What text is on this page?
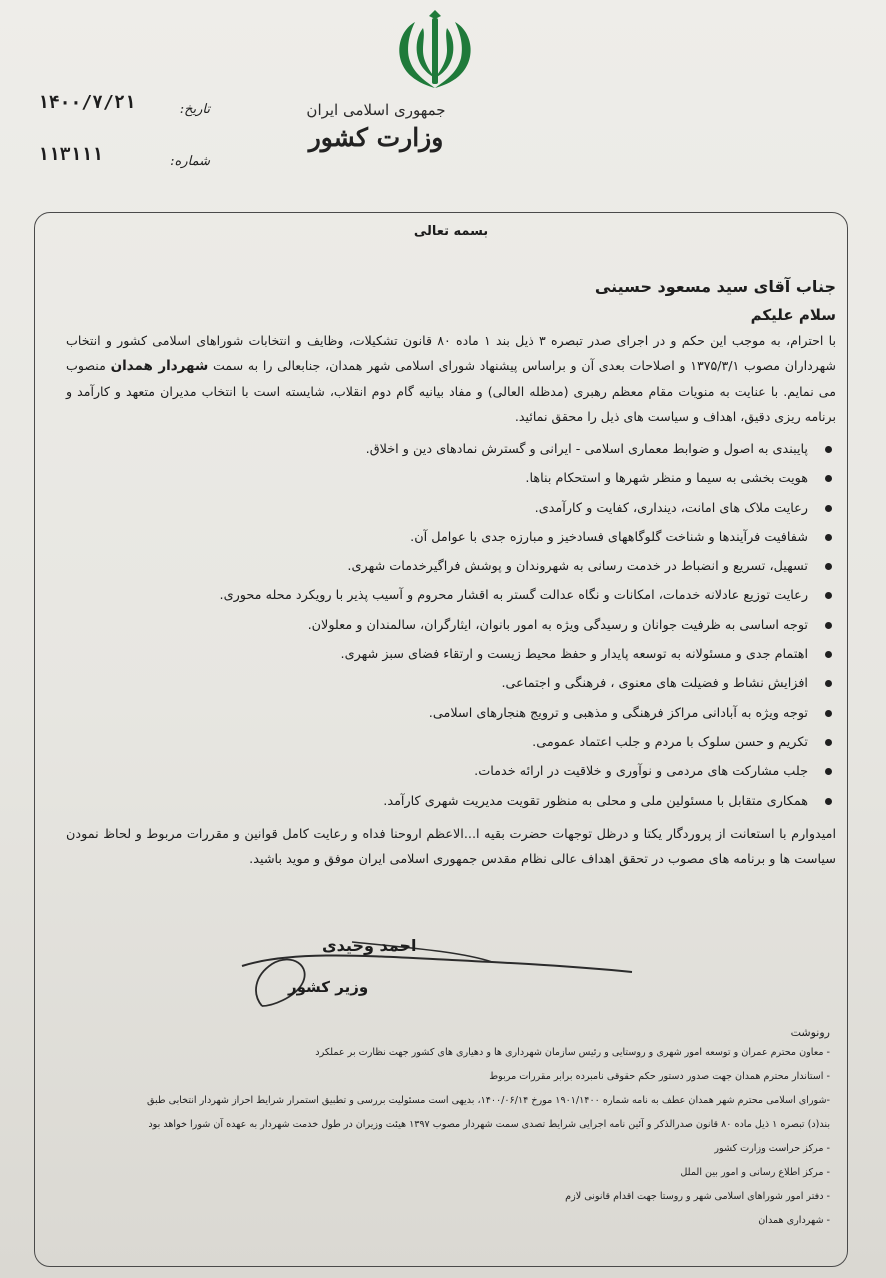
جمهوری اسلامی ایران
وزارت کشور
۱۴۰۰/۷/۲۱	تاریخ:
۱۱۳۱۱۱	شماره:
بسمه تعالی
جناب آقای سید مسعود حسینی
سلام علیکم

با احترام، به موجب این حکم و در اجرای صدر تبصره ۳ ذیل بند ۱ ماده ۸۰ قانون تشکیلات، وظایف و انتخابات شوراهای اسلامی کشور و انتخاب شهرداران مصوب ۱۳۷۵/۳/۱ و اصلاحات بعدی آن و براساس پیشنهاد شورای اسلامی شهر همدان، جنابعالی را به سمت شهردار همدان منصوب می نمایم. با عنایت به منویات مقام معظم رهبری (مدظله العالی) و مفاد بیانیه گام دوم انقلاب، شایسته است با انتخاب مدیران متعهد و کارآمد و برنامه ریزی دقیق، اهداف و سیاست های ذیل را محقق نمائید.

پایبندی به اصول و ضوابط معماری اسلامی - ایرانی و گسترش نمادهای دین و اخلاق.
هویت بخشی به سیما و منظر شهرها و استحکام بناها.
رعایت ملاک های امانت، دینداری، کفایت و کارآمدی.
شفافیت فرآیندها و شناخت گلوگاههای فسادخیز و مبارزه جدی با عوامل آن.
تسهیل، تسریع و انضباط در خدمت رسانی به شهروندان و پوشش فراگیرخدمات شهری.
رعایت توزیع عادلانه خدمات، امکانات و نگاه عدالت گستر به اقشار محروم و آسیب پذیر با رویکرد محله محوری.
توجه اساسی به ظرفیت جوانان و رسیدگی ویژه به امور بانوان، ایثارگران، سالمندان و معلولان.
اهتمام جدی و مسئولانه به توسعه پایدار و حفظ محیط زیست و ارتقاء فضای سبز شهری.
افزایش نشاط و فضیلت های معنوی ، فرهنگی و اجتماعی.
توجه ویژه به آبادانی مراکز فرهنگی و مذهبی و ترویج هنجارهای اسلامی.
تکریم و حسن سلوک با مردم و جلب اعتماد عمومی.
جلب مشارکت های مردمی و نوآوری و خلاقیت در ارائه خدمات.
همکاری متقابل با مسئولین ملی و محلی به منظور تقویت مدیریت شهری کارآمد.

امیدوارم با استعانت از پروردگار یکتا و درظل توجهات حضرت بقیه ا...الاعظم اروحنا فداه و رعایت کامل قوانین و مقررات مربوط و لحاظ نمودن سیاست ها و برنامه های مصوب در تحقق اهداف عالی نظام مقدس جمهوری اسلامی ایران موفق و موید باشید.

احمد وحیدی
وزیر کشور
رونوشت
- معاون محترم عمران و توسعه امور شهری و روستایی و رئیس سازمان شهرداری ها و دهیاری های کشور جهت نظارت بر عملکرد
- استاندار محترم همدان جهت صدور دستور حکم حقوقی نامبرده برابر مقررات مربوط
-شورای اسلامی محترم شهر همدان عطف به نامه شماره ۱۹۰۱/۱۴۰۰ مورخ ۱۴۰۰/۰۶/۱۴، بدیهی است مسئولیت بررسی و تطبیق استمرار شرایط احراز شهردار انتخابی طبق
بند(د) تبصره ۱ ذیل ماده ۸۰ قانون صدرالذکر و آئین نامه اجرایی شرایط تصدی سمت شهردار مصوب ۱۳۹۷ هیئت وزیران در طول خدمت شهردار به عهده آن شورا خواهد بود
- مرکز حراست وزارت کشور
- مرکز اطلاع رسانی و امور بین الملل
- دفتر امور شوراهای اسلامی شهر و روستا جهت اقدام قانونی لازم
- شهرداری همدان
